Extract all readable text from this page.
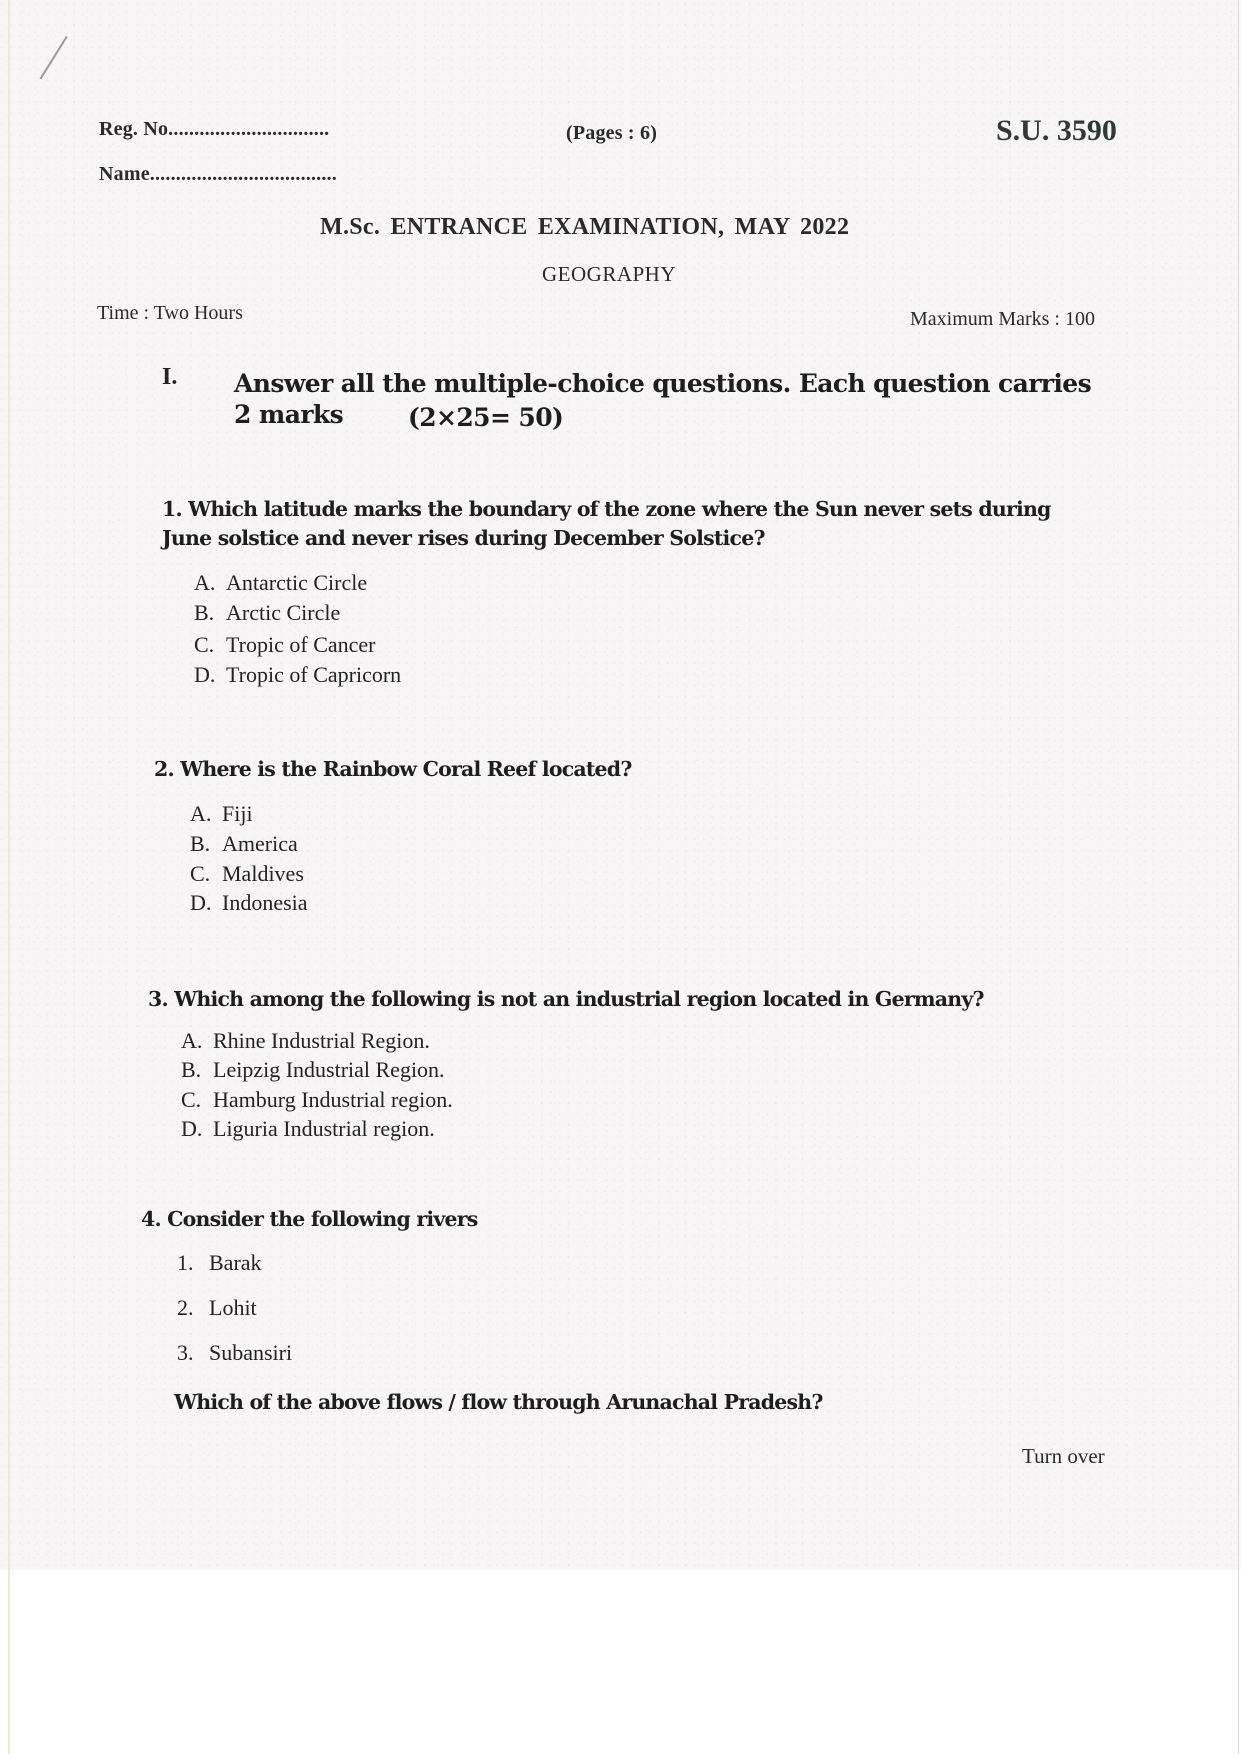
Reg. No...............................
Name....................................
(Pages : 6)	S.U. 3590
M.Sc. ENTRANCE EXAMINATION, MAY 2022
GEOGRAPHY
Time : Two Hours	Maximum Marks : 100
I. Answer all the multiple-choice questions. Each question carries
2 marks	(2×25= 50)
1. Which latitude marks the boundary of the zone where the Sun never sets during
June solstice and never rises during December Solstice?
A. Antarctic Circle
B. Arctic Circle
C. Tropic of Cancer
D. Tropic of Capricorn
2. Where is the Rainbow Coral Reef located?
A. Fiji
B. America
C. Maldives
D. Indonesia
3. Which among the following is not an industrial region located in Germany?
A. Rhine Industrial Region.
B. Leipzig Industrial Region.
C. Hamburg Industrial region.
D. Liguria Industrial region.
4. Consider the following rivers
1. Barak
2. Lohit
3. Subansiri
Which of the above flows / flow through Arunachal Pradesh?
Turn over
